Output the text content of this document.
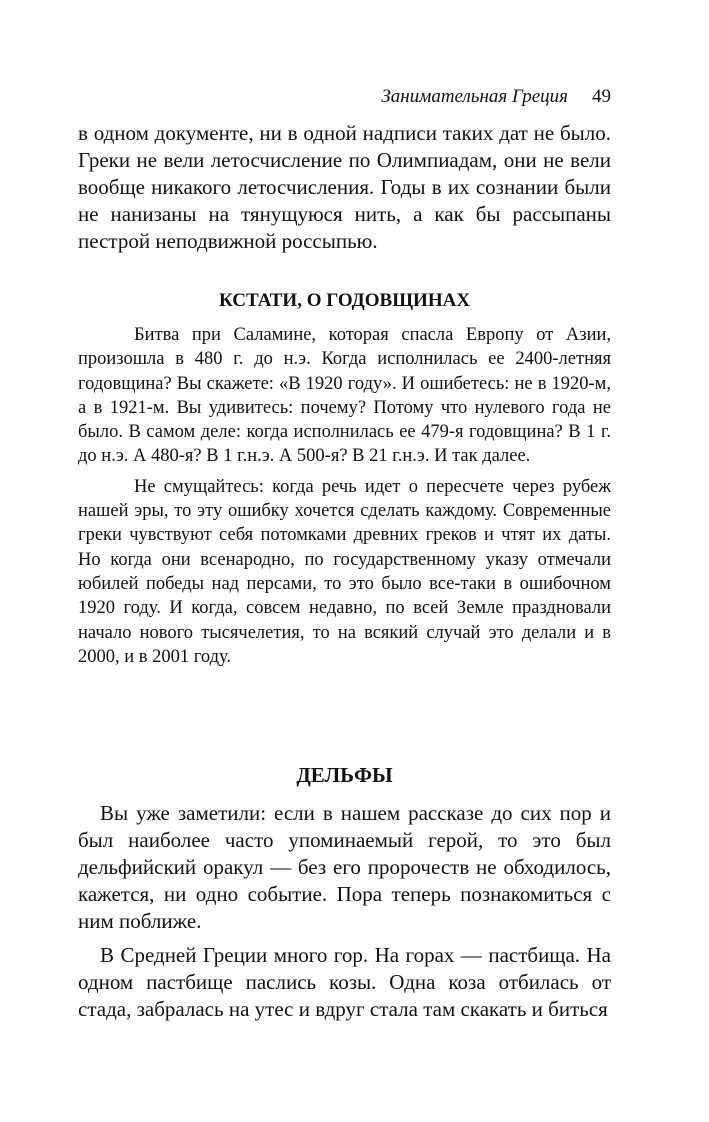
Занимательная Греция 49

в одном документе, ни в одной надписи таких дат не было. Греки не вели летосчисление по Олимпиадам, они не вели вообще никакого летосчисления. Годы в их сознании были не нанизаны на тянущуюся нить, а как бы рассыпаны пестрой неподвижной россыпью.

КСТАТИ, О ГОДОВЩИНАХ

Битва при Саламине, которая спасла Европу от Азии, произошла в 480 г. до н.э. Когда исполнилась ее 2400-летняя годовщина? Вы скажете: «В 1920 году». И ошибетесь: не в 1920-м, а в 1921-м. Вы удивитесь: почему? Потому что нулевого года не было. В самом деле: когда исполнилась ее 479-я годовщина? В 1 г. до н.э. А 480-я? В 1 г.н.э. А 500-я? В 21 г.н.э. И так далее.

Не смущайтесь: когда речь идет о пересчете через рубеж нашей эры, то эту ошибку хочется сделать каждому. Современные греки чувствуют себя потомками древних греков и чтят их даты. Но когда они всенародно, по государственному указу отмечали юбилей победы над персами, то это было все-таки в ошибочном 1920 году. И когда, совсем недавно, по всей Земле праздновали начало нового тысячелетия, то на всякий случай это делали и в 2000, и в 2001 году.

ДЕЛЬФЫ

Вы уже заметили: если в нашем рассказе до сих пор и был наиболее часто упоминаемый герой, то это был дельфийский оракул — без его пророчеств не обходилось, кажется, ни одно событие. Пора теперь познакомиться с ним поближе.

В Средней Греции много гор. На горах — пастбища. На одном пастбище паслись козы. Одна коза отбилась от стада, забралась на утес и вдруг стала там скакать и биться
